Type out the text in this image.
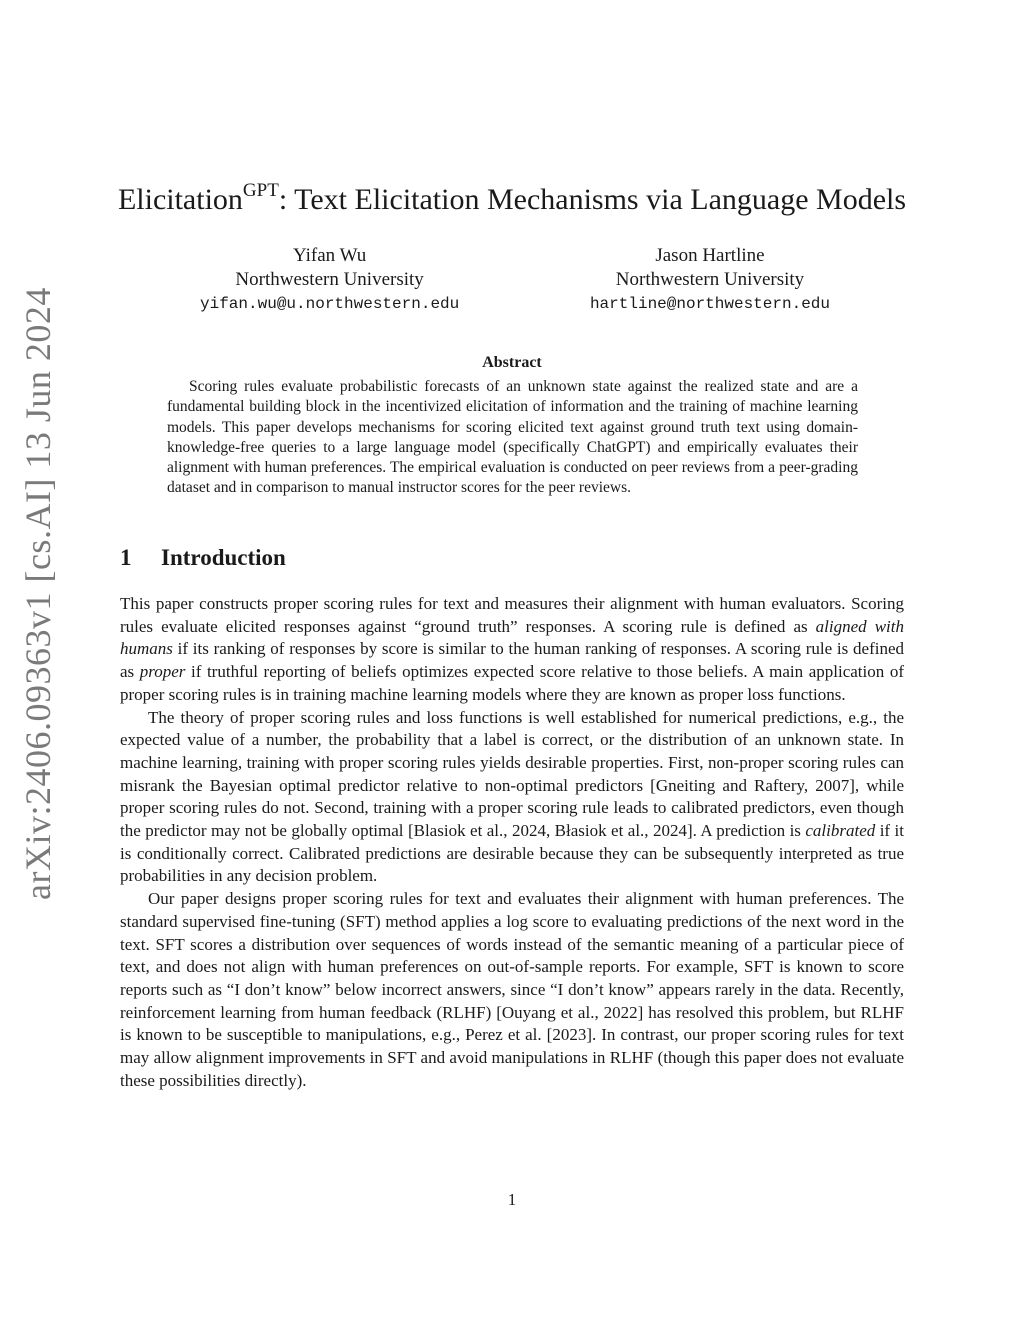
arXiv:2406.09363v1 [cs.AI] 13 Jun 2024
Elicitation$^{GPT}$: Text Elicitation Mechanisms via Language Models
Yifan Wu
Northwestern University
yifan.wu@u.northwestern.edu
Jason Hartline
Northwestern University
hartline@northwestern.edu
Abstract
Scoring rules evaluate probabilistic forecasts of an unknown state against the realized state and are a fundamental building block in the incentivized elicitation of information and the training of machine learning models. This paper develops mechanisms for scoring elicited text against ground truth text using domain-knowledge-free queries to a large language model (specifically ChatGPT) and empirically evaluates their alignment with human preferences. The empirical evaluation is conducted on peer reviews from a peer-grading dataset and in comparison to manual instructor scores for the peer reviews.
1 Introduction

This paper constructs proper scoring rules for text and measures their alignment with human evaluators. Scoring rules evaluate elicited responses against “ground truth” responses. A scoring rule is defined as aligned with humans if its ranking of responses by score is similar to the human ranking of responses. A scoring rule is defined as proper if truthful reporting of beliefs optimizes expected score relative to those beliefs. A main application of proper scoring rules is in training machine learning models where they are known as proper loss functions.

The theory of proper scoring rules and loss functions is well established for numerical predictions, e.g., the expected value of a number, the probability that a label is correct, or the distribution of an unknown state. In machine learning, training with proper scoring rules yields desirable properties. First, non-proper scoring rules can misrank the Bayesian optimal predictor relative to non-optimal predictors [Gneiting and Raftery, 2007], while proper scoring rules do not. Second, training with a proper scoring rule leads to calibrated predictors, even though the predictor may not be globally optimal [Blasiok et al., 2024, Błasiok et al., 2024]. A prediction is calibrated if it is conditionally correct. Calibrated predictions are desirable because they can be subsequently interpreted as true probabilities in any decision problem.

Our paper designs proper scoring rules for text and evaluates their alignment with human preferences. The standard supervised fine-tuning (SFT) method applies a log score to evaluating predictions of the next word in the text. SFT scores a distribution over sequences of words instead of the semantic meaning of a particular piece of text, and does not align with human preferences on out-of-sample reports. For example, SFT is known to score reports such as “I don’t know” below incorrect answers, since “I don’t know” appears rarely in the data. Recently, reinforcement learning from human feedback (RLHF) [Ouyang et al., 2022] has resolved this problem, but RLHF is known to be susceptible to manipulations, e.g., Perez et al. [2023]. In contrast, our proper scoring rules for text may allow alignment improvements in SFT and avoid manipulations in RLHF (though this paper does not evaluate these possibilities directly).

1
